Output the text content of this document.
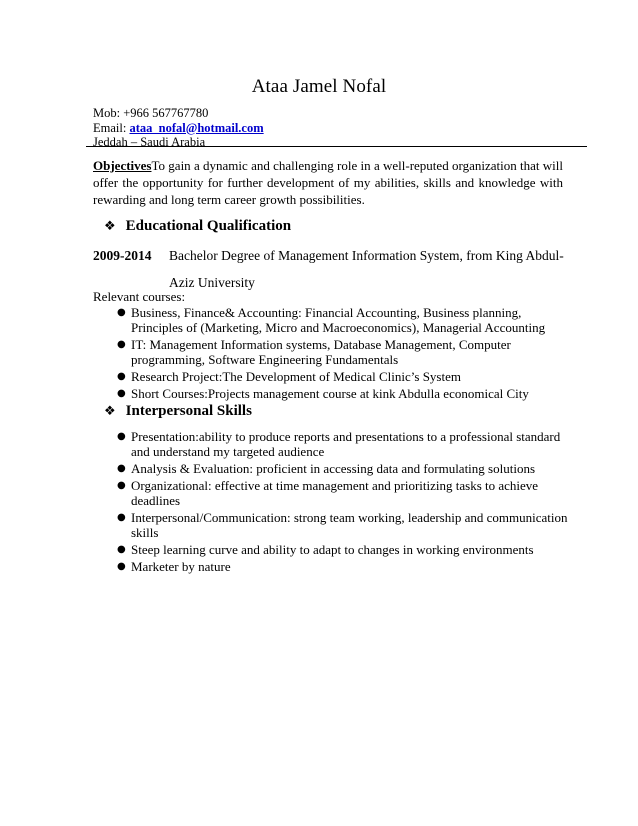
Ataa Jamel Nofal
Mob: +966 567767780
Email: ataa_nofal@hotmail.com
Jeddah – Saudi Arabia
ObjectivesTo gain a dynamic and challenging role in a well-reputed organization that will offer the opportunity for further development of my abilities, skills and knowledge with rewarding and long term career growth possibilities.
❖ Educational Qualification
2009-2014	Bachelor Degree of Management Information System, from King Abdul-Aziz University
Relevant courses:
● Business, Finance& Accounting: Financial Accounting, Business planning, Principles of (Marketing, Micro and Macroeconomics), Managerial Accounting
● IT: Management Information systems, Database Management, Computer programming, Software Engineering Fundamentals
● Research Project:The Development of Medical Clinic’s System
● Short Courses:Projects management course at kink Abdulla economical City
❖ Interpersonal Skills
● Presentation:ability to produce reports and presentations to a professional standard and understand my targeted audience
● Analysis & Evaluation: proficient in accessing data and formulating solutions
● Organizational: effective at time management and prioritizing tasks to achieve deadlines
● Interpersonal/Communication: strong team working, leadership and communication skills
● Steep learning curve and ability to adapt to changes in working environments
● Marketer by nature
